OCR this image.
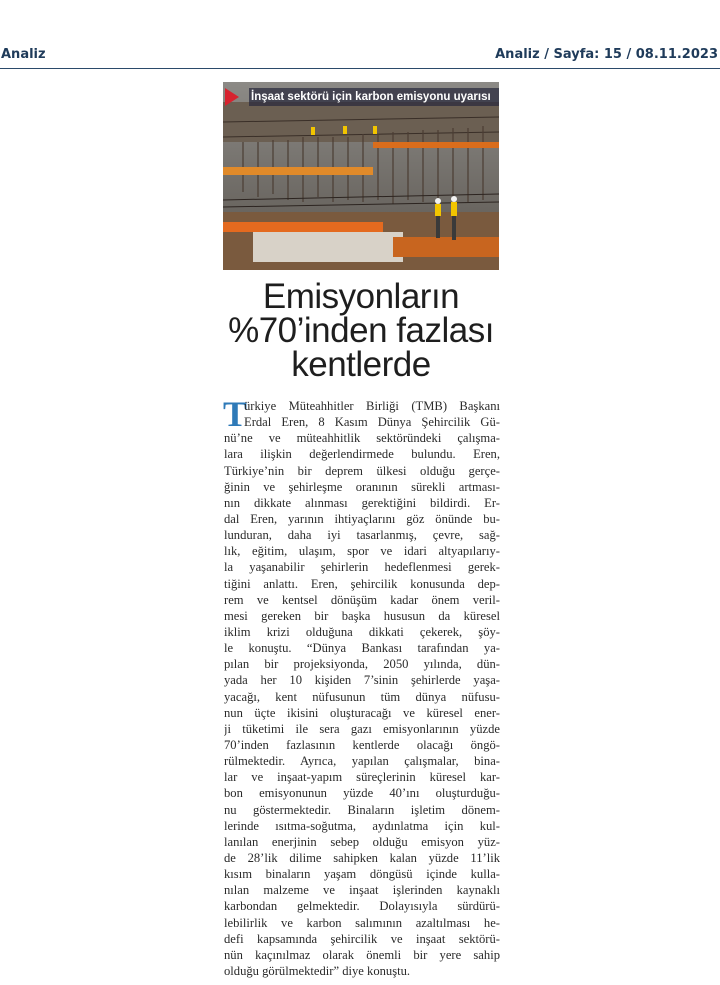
Analiz	Analiz / Sayfa: 15 / 08.11.2023
İnşaat sektörü için karbon emisyonu uyarısı
Emisyonların
%70’inden fazlası
kentlerde
T
ürkiye Müteahhitler Birliği (TMB) Başkanı
Erdal Eren, 8 Kasım Dünya Şehircilik Gü-
nü’ne ve müteahhitlik sektöründeki çalışma-
lara ilişkin değerlendirmede bulundu. Eren,
Türkiye’nin bir deprem ülkesi olduğu gerçe-
ğinin ve şehirleşme oranının sürekli artması-
nın dikkate alınması gerektiğini bildirdi. Er-
dal Eren, yarının ihtiyaçlarını göz önünde bu-
lunduran, daha iyi tasarlanmış, çevre, sağ-
lık, eğitim, ulaşım, spor ve idari altyapılarıy-
la yaşanabilir şehirlerin hedeflenmesi gerek-
tiğini anlattı. Eren, şehircilik konusunda dep-
rem ve kentsel dönüşüm kadar önem veril-
mesi gereken bir başka hususun da küresel
iklim krizi olduğuna dikkati çekerek, şöy-
le konuştu. “Dünya Bankası tarafından ya-
pılan bir projeksiyonda, 2050 yılında, dün-
yada her 10 kişiden 7’sinin şehirlerde yaşa-
yacağı, kent nüfusunun tüm dünya nüfusu-
nun üçte ikisini oluşturacağı ve küresel ener-
ji tüketimi ile sera gazı emisyonlarının yüzde
70’inden fazlasının kentlerde olacağı öngö-
rülmektedir. Ayrıca, yapılan çalışmalar, bina-
lar ve inşaat-yapım süreçlerinin küresel kar-
bon emisyonunun yüzde 40’ını oluşturduğu-
nu göstermektedir. Binaların işletim dönem-
lerinde ısıtma-soğutma, aydınlatma için kul-
lanılan enerjinin sebep olduğu emisyon yüz-
de 28’lik dilime sahipken kalan yüzde 11’lik
kısım binaların yaşam döngüsü içinde kulla-
nılan malzeme ve inşaat işlerinden kaynaklı
karbondan gelmektedir. Dolayısıyla sürdürü-
lebilirlik ve karbon salımının azaltılması he-
defi kapsamında şehircilik ve inşaat sektörü-
nün kaçınılmaz olarak önemli bir yere sahip
olduğu görülmektedir” diye konuştu.
